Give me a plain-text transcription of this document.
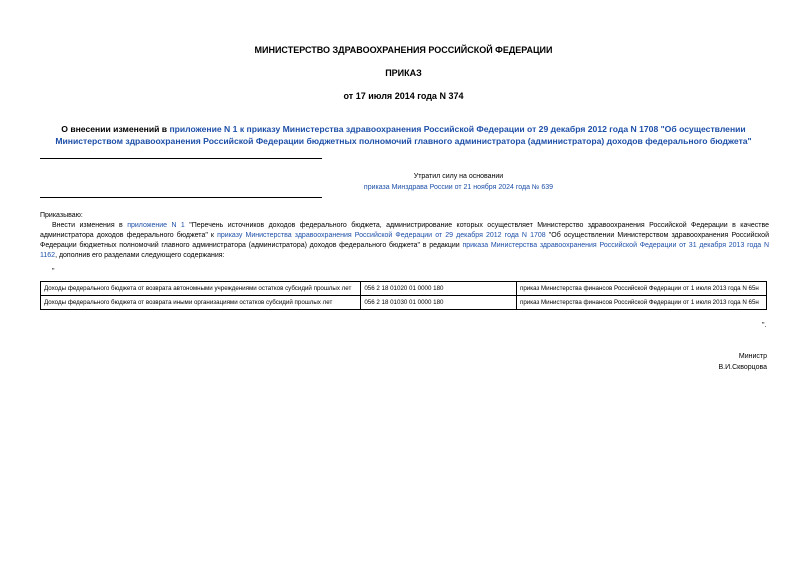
МИНИСТЕРСТВО ЗДРАВООХРАНЕНИЯ РОССИЙСКОЙ ФЕДЕРАЦИИ
ПРИКАЗ
от 17 июля 2014 года N 374
О внесении изменений в приложение N 1 к приказу Министерства здравоохранения Российской Федерации от 29 декабря 2012 года N 1708 "Об осуществлении Министерством здравоохранения Российской Федерации бюджетных полномочий главного администратора (администратора) доходов федерального бюджета"
Утратил силу на основании
приказа Минздрава России от 21 ноября 2024 года № 639
Приказываю:

Внести изменения в приложение N 1 "Перечень источников доходов федерального бюджета, администрирование которых осуществляет Министерство здравоохранения Российской Федерации в качестве администратора доходов федерального бюджета" к приказу Министерства здравоохранения Российской Федерации от 29 декабря 2012 года N 1708 "Об осуществлении Министерством здравоохранения Российской Федерации бюджетных полномочий главного администратора (администратора) доходов федерального бюджета" в редакции приказа Министерства здравоохранения Российской Федерации от 31 декабря 2013 года N 1162, дополнив его разделами следующего содержания:

"
Доходы федерального бюджета от возврата автономными учреждениями остатков субсидий прошлых лет	056 2 18 01020 01 0000 180	приказ Министерства финансов Российской Федерации от 1 июля 2013 года N 65н
Доходы федерального бюджета от возврата иными организациями остатков субсидий прошлых лет	056 2 18 01030 01 0000 180	приказ Министерства финансов Российской Федерации от 1 июля 2013 года N 65н
".
Министр
В.И.Скворцова
